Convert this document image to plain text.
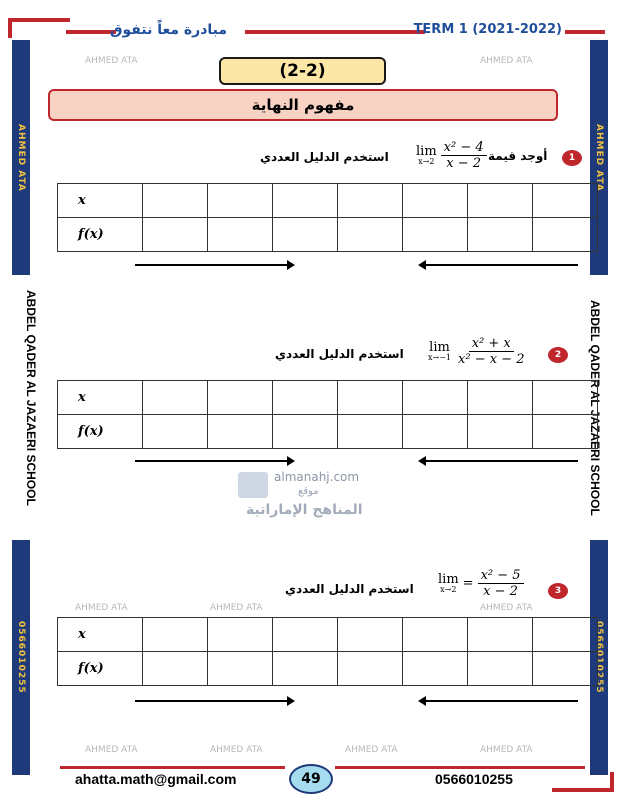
مبادرة معاً نتفوق	TERM 1 (2021-2022)
AHMED ATA
0566010255
ABDEL QADER AL JAZAERI SCHOOL
AHMED ATA
0566010255
ABDEL QADER AL JAZAERI SCHOOL
AHMED ATA	AHMED ATA
AHMED ATA	AHMED ATA	AHMED ATA
AHMED ATA	AHMED ATA	AHMED ATA	AHMED ATA
(2-2)
مفهوم النهاية
1
أوجد قيمة
lim
$x\to 2 \frac{\text{x² − 4}}{x - 2}$
استخدم الدليل العددي
x							
f(x)							
2
lim
$x\to-1 \frac{\text{x² + x}}{\text{x² − x − 2}}$
استخدم الدليل العددي
x							
f(x)							
almanahj.com
موقع
المناهج الإماراتية
3
lim
$x\to 2 = \frac{\text{x² − 5}}{x - 2}$
استخدم الدليل العددي
x							
f(x)							
ahatta.math@gmail.com	49	0566010255
